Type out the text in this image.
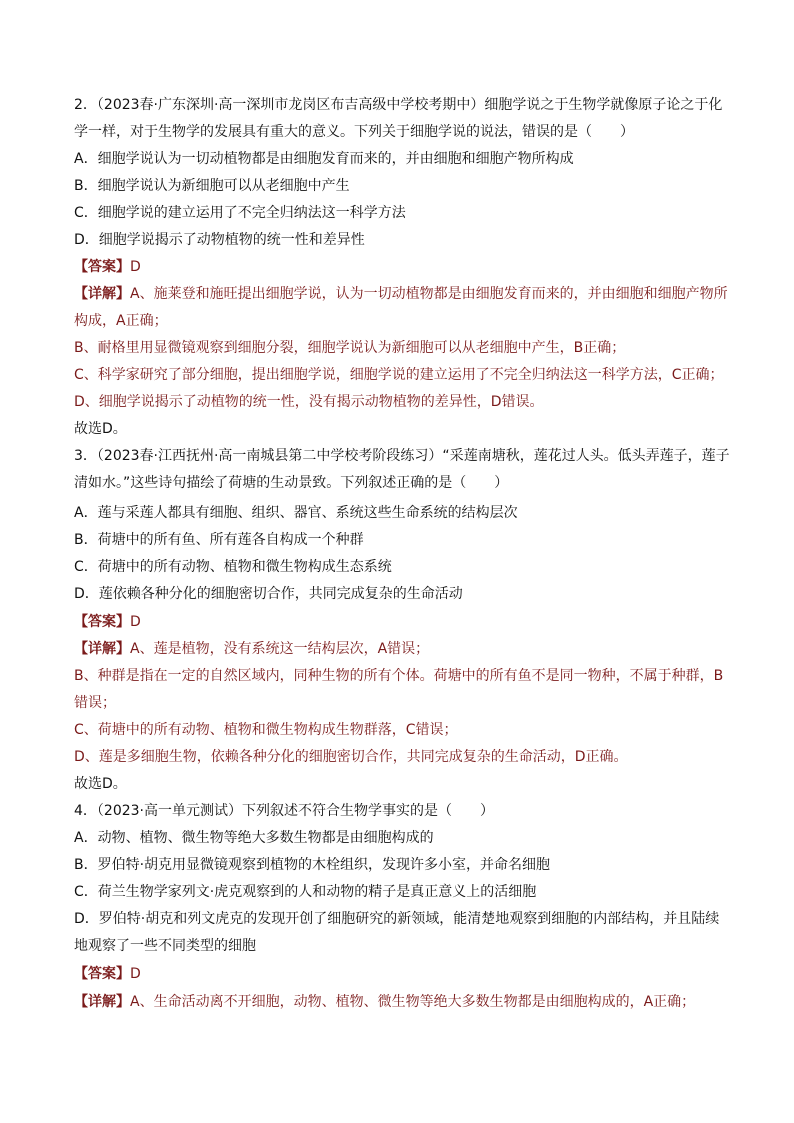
2．（2023春·广东深圳·高一深圳市龙岗区布吉高级中学校考期中）细胞学说之于生物学就像原子论之于化
学一样，对于生物学的发展具有重大的意义。下列关于细胞学说的说法，错误的是（　　）
A．细胞学说认为一切动植物都是由细胞发育而来的，并由细胞和细胞产物所构成
B．细胞学说认为新细胞可以从老细胞中产生
C．细胞学说的建立运用了不完全归纳法这一科学方法
D．细胞学说揭示了动物植物的统一性和差异性
【答案】D
【详解】A、施莱登和施旺提出细胞学说，认为一切动植物都是由细胞发育而来的，并由细胞和细胞产物所
构成，A正确；
B、耐格里用显微镜观察到细胞分裂，细胞学说认为新细胞可以从老细胞中产生，B正确；
C、科学家研究了部分细胞，提出细胞学说，细胞学说的建立运用了不完全归纳法这一科学方法，C正确；
D、细胞学说揭示了动植物的统一性，没有揭示动物植物的差异性，D错误。
故选D。
3．（2023春·江西抚州·高一南城县第二中学校考阶段练习）“采莲南塘秋，莲花过人头。低头弄莲子，莲子
清如水。”这些诗句描绘了荷塘的生动景致。下列叙述正确的是（　　）
A．莲与采莲人都具有细胞、组织、器官、系统这些生命系统的结构层次
B．荷塘中的所有鱼、所有莲各自构成一个种群
C．荷塘中的所有动物、植物和微生物构成生态系统
D．莲依赖各种分化的细胞密切合作，共同完成复杂的生命活动
【答案】D
【详解】A、莲是植物，没有系统这一结构层次，A错误；
B、种群是指在一定的自然区域内，同种生物的所有个体。荷塘中的所有鱼不是同一物种，不属于种群，B
错误；
C、荷塘中的所有动物、植物和微生物构成生物群落，C错误；
D、莲是多细胞生物，依赖各种分化的细胞密切合作，共同完成复杂的生命活动，D正确。
故选D。
4．（2023·高一单元测试）下列叙述不符合生物学事实的是（　　）
A．动物、植物、微生物等绝大多数生物都是由细胞构成的
B．罗伯特·胡克用显微镜观察到植物的木栓组织，发现许多小室，并命名细胞
C．荷兰生物学家列文·虎克观察到的人和动物的精子是真正意义上的活细胞
D．罗伯特·胡克和列文虎克的发现开创了细胞研究的新领域，能清楚地观察到细胞的内部结构，并且陆续
地观察了一些不同类型的细胞
【答案】D
【详解】A、生命活动离不开细胞，动物、植物、微生物等绝大多数生物都是由细胞构成的，A正确；
